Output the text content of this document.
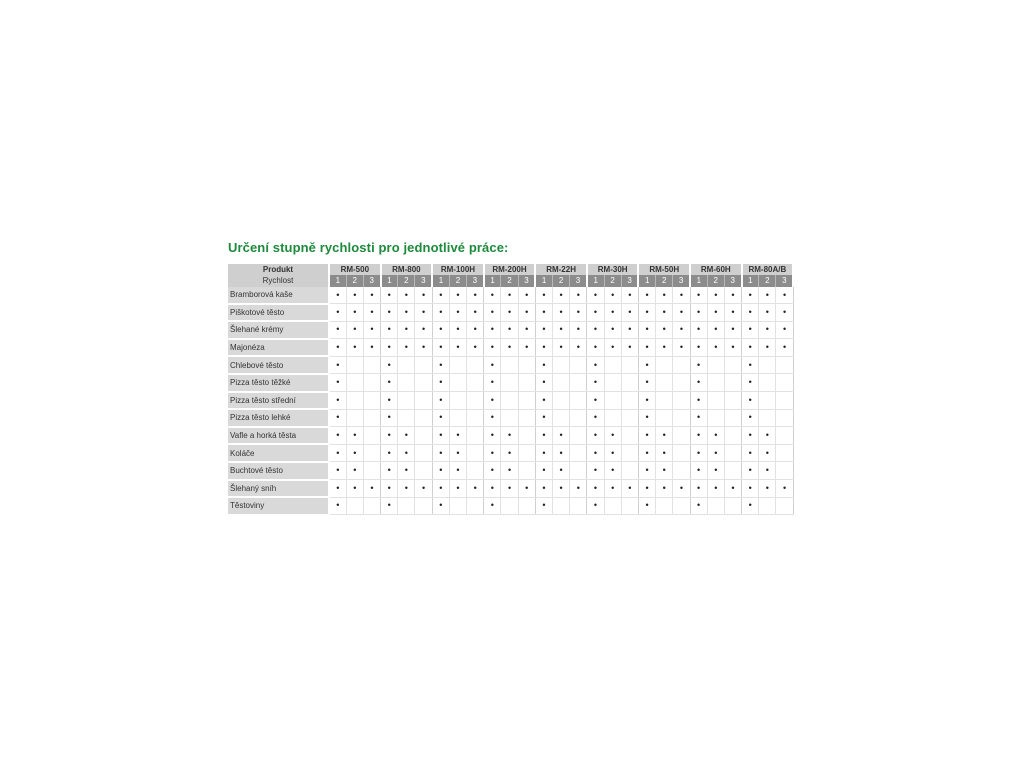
Určení stupně rychlosti pro jednotlivé práce:
Produkt	RM-500			RM-800			RM-100H			RM-200H			RM-22H			RM-30H			RM-50H			RM-60H			RM-80A/B		
Rychlost	1	2	3	1	2	3	1	2	3	1	2	3	1	2	3	1	2	3	1	2	3	1	2	3	1	2	3
Bramborová kaše	•	•	•	•	•	•	•	•	•	•	•	•	•	•	•	•	•	•	•	•	•	•	•	•	•	•	•
Piškotové těsto	•	•	•	•	•	•	•	•	•	•	•	•	•	•	•	•	•	•	•	•	•	•	•	•	•	•	•
Šlehané krémy	•	•	•	•	•	•	•	•	•	•	•	•	•	•	•	•	•	•	•	•	•	•	•	•	•	•	•
Majonéza	•	•	•	•	•	•	•	•	•	•	•	•	•	•	•	•	•	•	•	•	•	•	•	•	•	•	•
Chlebové těsto	•			•			•			•			•			•			•			•			•		
Pizza těsto těžké	•			•			•			•			•			•			•			•			•		
Pizza těsto střední	•			•			•			•			•			•			•			•			•		
Pizza těsto lehké	•			•			•			•			•			•			•			•			•		
Vafle a horká těsta	•	•		•	•		•	•		•	•		•	•		•	•		•	•		•	•		•	•	
Koláče	•	•		•	•		•	•		•	•		•	•		•	•		•	•		•	•		•	•	
Buchtové těsto	•	•		•	•		•	•		•	•		•	•		•	•		•	•		•	•		•	•	
Šlehaný sníh	•	•	•	•	•	•	•	•	•	•	•	•	•	•	•	•	•	•	•	•	•	•	•	•	•	•	•
Těstoviny	•			•			•			•			•			•			•			•			•		
